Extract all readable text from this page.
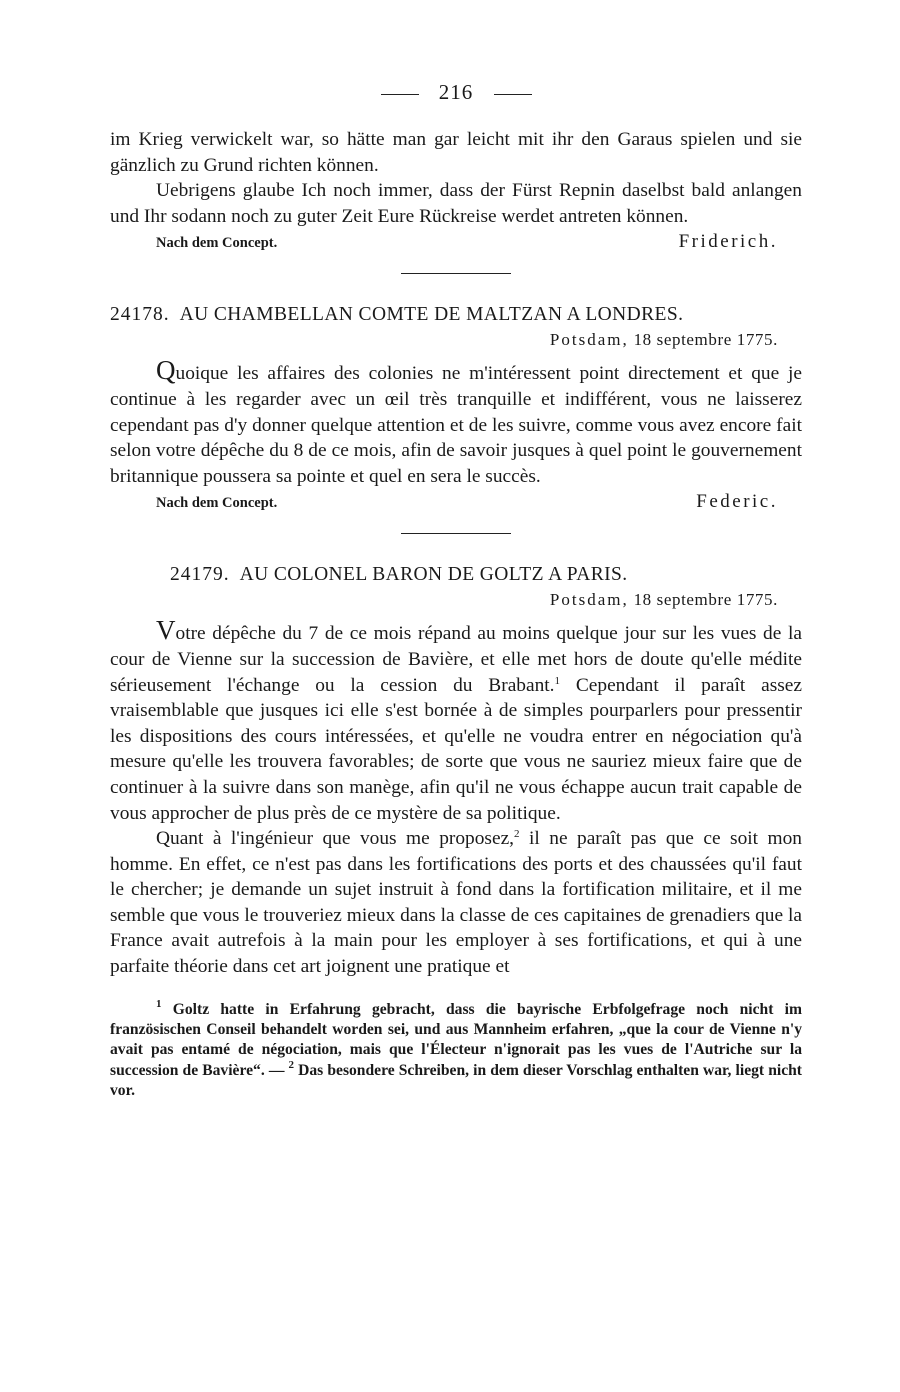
216

im Krieg verwickelt war, so hätte man gar leicht mit ihr den Garaus spielen und sie gänzlich zu Grund richten können.

Uebrigens glaube Ich noch immer, dass der Fürst Repnin daselbst bald anlangen und Ihr sodann noch zu guter Zeit Eure Rückreise werdet antreten können.

Nach dem Concept.	Friderich.
24178. AU CHAMBELLAN COMTE DE MALTZAN A LONDRES.
Potsdam, 18 septembre 1775.

Quoique les affaires des colonies ne m'intéressent point directement et que je continue à les regarder avec un œil très tranquille et indifférent, vous ne laisserez cependant pas d'y donner quelque attention et de les suivre, comme vous avez encore fait selon votre dépêche du 8 de ce mois, afin de savoir jusques à quel point le gouvernement britannique poussera sa pointe et quel en sera le succès.

Nach dem Concept.	Federic.
24179. AU COLONEL BARON DE GOLTZ A PARIS.
Potsdam, 18 septembre 1775.

Votre dépêche du 7 de ce mois répand au moins quelque jour sur les vues de la cour de Vienne sur la succession de Bavière, et elle met hors de doute qu'elle médite sérieusement l'échange ou la cession du Brabant.$^1$ Cependant il paraît assez vraisemblable que jusques ici elle s'est bornée à de simples pourparlers pour pressentir les dispositions des cours intéressées, et qu'elle ne voudra entrer en négociation qu'à mesure qu'elle les trouvera favorables; de sorte que vous ne sauriez mieux faire que de continuer à la suivre dans son manège, afin qu'il ne vous échappe aucun trait capable de vous approcher de plus près de ce mystère de sa politique.

Quant à l'ingénieur que vous me proposez,$^2$ il ne paraît pas que ce soit mon homme. En effet, ce n'est pas dans les fortifications des ports et des chaussées qu'il faut le chercher; je demande un sujet instruit à fond dans la fortification militaire, et il me semble que vous le trouveriez mieux dans la classe de ces capitaines de grenadiers que la France avait autrefois à la main pour les employer à ses fortifications, et qui à une parfaite théorie dans cet art joignent une pratique et

$^1$ Goltz hatte in Erfahrung gebracht, dass die bayrische Erbfolgefrage noch nicht im französischen Conseil behandelt worden sei, und aus Mannheim erfahren, „que la cour de Vienne n'y avait pas entamé de négociation, mais que l'Électeur n'ignorait pas les vues de l'Autriche sur la succession de Bavière“. — $^2$ Das besondere Schreiben, in dem dieser Vorschlag enthalten war, liegt nicht vor.
